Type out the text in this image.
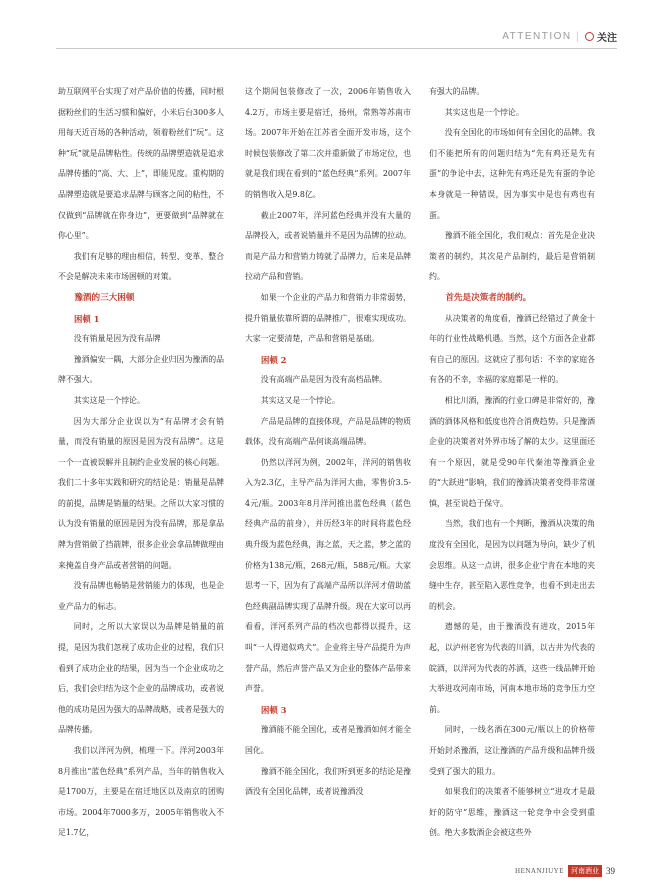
ATTENTION | ○ 关注

助互联网平台实现了对产品价值的传播，同时根据粉丝们的生活习惯和偏好，小米后台300多人用每天近百场的各种活动，领着粉丝们“玩”。这种“玩”就是品牌粘性。传统的品牌塑造就是追求品牌传播的“高、大、上”，即能见度。重构期的品牌塑造就是要追求品牌与顾客之间的粘性，不仅做到“品牌就在你身边”，更要做到“品牌就在你心里”。

我们有足够的理由相信，转型、变革、整合不会是解决未来市场困顿的对策。

豫酒的三大困顿

困顿 1

没有销量是因为没有品牌

豫酒偏安一隅，大部分企业归因为豫酒的品牌不强大。

其实这是一个悖论。

因为大部分企业误以为“有品牌才会有销量，而没有销量的原因是因为没有品牌”。这是一个一直被误解并且制约企业发展的核心问题。我们二十多年实践和研究的结论是：销量是品牌的前提，品牌是销量的结果。之所以大家习惯的认为没有销量的原因是因为没有品牌，那是拿品牌为营销做了挡箭牌，很多企业会拿品牌做理由来掩盖自身产品或者营销的问题。

没有品牌也畅销是营销能力的体现，也是企业产品力的标志。

同时，之所以大家误以为品牌是销量的前提，是因为我们忽视了成功企业的过程，我们只看到了成功企业的结果，因为当一个企业成功之后，我们会归结为这个企业的品牌成功，或者说他的成功是因为强大的品牌战略，或者是强大的品牌传播。

我们以洋河为例，梳理一下。洋河2003年8月推出“蓝色经典”系列产品，当年的销售收入是1700万，主要是在宿迁地区以及南京的团购市场。2004年7000多万，2005年销售收入不足1.7亿，

这个期间包装修改了一次，2006年销售收入4.2万，市场主要是宿迁，扬州，常熟等苏南市场。2007年开始在江苏省全面开发市场，这个时候包装修改了第二次并重新做了市场定位，也就是我们现在看到的“蓝色经典”系列。2007年的销售收入是9.8亿。

截止2007年，洋河蓝色经典并没有大量的品牌投入，或者说销量并不是因为品牌的拉动。而是产品力和营销力铸就了品牌力，后来是品牌拉动产品和营销。

如果一个企业的产品力和营销力非常弱势，提升销量依靠所谓的品牌推广，很难实现成功。大家一定要清楚，产品和营销是基础。

困顿 2

没有高端产品是因为没有高档品牌。

其实这又是一个悖论。

产品是品牌的直接体现，产品是品牌的物质载体，没有高端产品何谈高端品牌。

仍然以洋河为例，2002年，洋河的销售收入为2.3亿，主导产品为洋河大曲，零售价3.5-4元/瓶。2003年8月洋河推出蓝色经典（蓝色经典产品的前身），并历经3年的时间将蓝色经典升级为蓝色经典，海之蓝，天之蓝，梦之蓝的价格为138元/瓶，268元/瓶，588元/瓶。大家思考一下，因为有了高端产品所以洋河才借助蓝色经典副品牌实现了品牌升级。现在大家可以再看看，洋河系列产品的档次也都得以提升，这叫“一人得道似鸡犬”。企业将主导产品提升为声誉产品，然后声誉产品又为企业的整体产品带来声誉。

困顿 3

豫酒能不能全国化，或者是豫酒如何才能全国化。

豫酒不能全国化，我们听到更多的结论是豫酒没有全国化品牌，或者说豫酒没

有强大的品牌。

其实这也是一个悖论。

没有全国化的市场如何有全国化的品牌。我们不能把所有的问题归结为“先有鸡还是先有蛋”的争论中去，这种先有鸡还是先有蛋的争论本身就是一种错误，因为事实中是也有鸡也有蛋。

豫酒不能全国化，我们观点：首先是企业决策者的制约，其次是产品制约，最后是营销制约。

首先是决策者的制约。

从决策者的角度看，豫酒已经错过了黄金十年的行业性战略机遇。当然，这个方面各企业都有自己的原因。这就应了那句话：不幸的家庭各有各的不幸，幸福的家庭都是一样的。

相比川酒，豫酒的行业口碑是非常好的，豫酒的酒体风格和低度也符合消费趋势。只是豫酒企业的决策者对外界市场了解的太少。这里面还有一个原因，就是受90年代秦池等豫酒企业的“大跃进”影响，我们的豫酒决策者变得非常谨慎，甚至说趋于保守。

当然，我们也有一个判断，豫酒从决策的角度没有全国化，是因为以问题为导向，缺少了机会思维。从这一点讲，很多企业宁肯在本地的夹缝中生存，甚至陷入恶性竞争，也看不到走出去的机会。

遗憾的是，由于豫酒没有进攻，2015年起，以泸州老窖为代表的川酒，以古井为代表的皖酒，以洋河为代表的苏酒，这些一线品牌开始大举进攻河南市场，河南本地市场的竞争压力空前。

同时，一线名酒在300元/瓶以上的价格带开始封杀豫酒，这让豫酒的产品升级和品牌升级受到了强大的阻力。

如果我们的决策者不能够树立“进攻才是最好的防守”思维，豫酒这一轮竞争中会受到重创。绝大多数酒企会被这些外

HENANJIUYE	河南酒业 39
